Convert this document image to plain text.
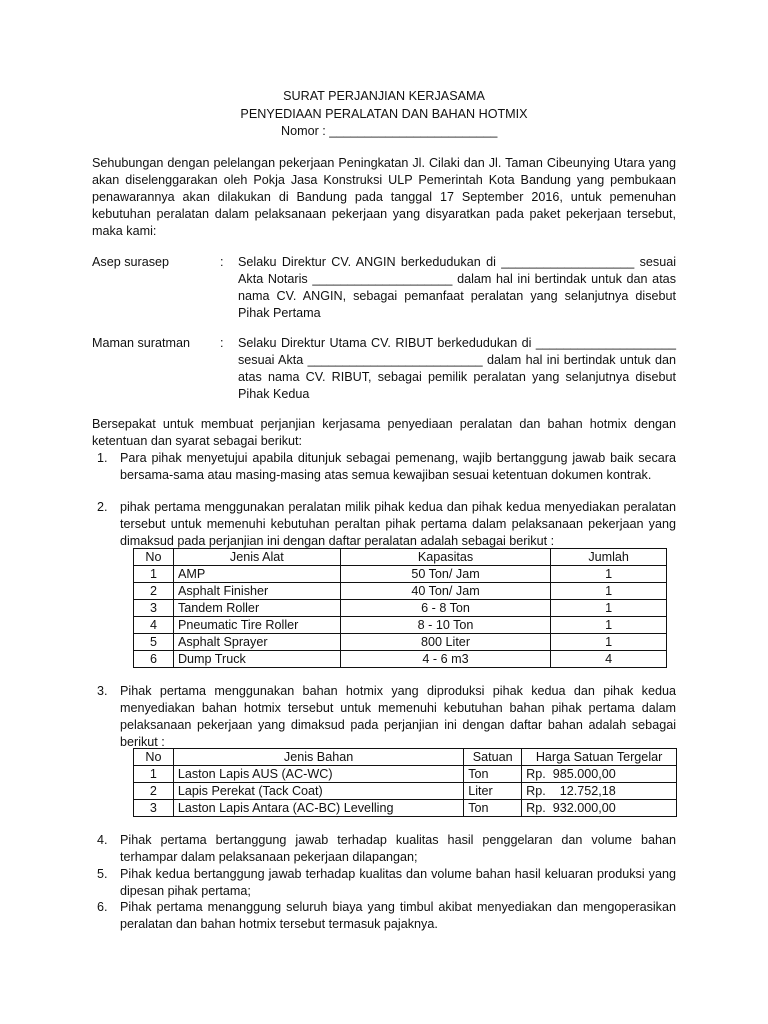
SURAT PERJANJIAN KERJASAMA
PENYEDIAAN PERALATAN DAN BAHAN HOTMIX
Nomor : ________________________

Sehubungan dengan pelelangan pekerjaan Peningkatan Jl. Cilaki dan Jl. Taman Cibeunying Utara yang akan diselenggarakan oleh Pokja Jasa Konstruksi ULP Pemerintah Kota Bandung yang pembukaan penawarannya akan dilakukan di Bandung pada tanggal 17 September 2016, untuk pemenuhan kebutuhan peralatan dalam pelaksanaan pekerjaan yang disyaratkan pada paket pekerjaan tersebut, maka kami:

Asep surasep	: Selaku Direktur CV. ANGIN berkedudukan di ___________________ sesuai Akta Notaris ____________________ dalam hal ini bertindak untuk dan atas nama CV. ANGIN, sebagai pemanfaat peralatan yang selanjutnya disebut Pihak Pertama

Maman suratman : Selaku Direktur Utama CV. RIBUT berkedudukan di ____________________ sesuai Akta _________________________ dalam hal ini bertindak untuk dan atas nama CV. RIBUT, sebagai pemilik peralatan yang selanjutnya disebut Pihak Kedua

Bersepakat untuk membuat perjanjian kerjasama penyediaan peralatan dan bahan hotmix dengan ketentuan dan syarat sebagai berikut:

1. Para pihak menyetujui apabila ditunjuk sebagai pemenang, wajib bertanggung jawab baik secara bersama-sama atau masing-masing atas semua kewajiban sesuai ketentuan dokumen kontrak.

2. pihak pertama menggunakan peralatan milik pihak kedua dan pihak kedua menyediakan peralatan tersebut untuk memenuhi kebutuhan peraltan pihak pertama dalam pelaksanaan pekerjaan yang dimaksud pada perjanjian ini dengan daftar peralatan adalah sebagai berikut :

No	Jenis Alat	Kapasitas	Jumlah
1	AMP	50 Ton/ Jam	1
2	Asphalt Finisher	40 Ton/ Jam	1
3	Tandem Roller	6 - 8 Ton	1
4	Pneumatic Tire Roller	8 - 10 Ton	1
5	Asphalt Sprayer	800 Liter	1
6	Dump Truck	4 - 6 m3	4
3. Pihak pertama menggunakan bahan hotmix yang diproduksi pihak kedua dan pihak kedua menyediakan bahan hotmix tersebut untuk memenuhi kebutuhan bahan pihak pertama dalam pelaksanaan pekerjaan yang dimaksud pada perjanjian ini dengan daftar bahan adalah sebagai berikut :

No	Jenis Bahan	Satuan	Harga Satuan Tergelar
1	Laston Lapis AUS (AC-WC)	Ton	Rp.  985.000,00
2	Lapis Perekat (Tack Coat)	Liter	Rp.    12.752,18
3	Laston Lapis Antara (AC-BC) Levelling	Ton	Rp.  932.000,00
4. Pihak pertama bertanggung jawab terhadap kualitas hasil penggelaran dan volume bahan terhampar dalam pelaksanaan pekerjaan dilapangan;

5. Pihak kedua bertanggung jawab terhadap kualitas dan volume bahan hasil keluaran produksi yang dipesan pihak pertama;

6. Pihak pertama menanggung seluruh biaya yang timbul akibat menyediakan dan mengoperasikan peralatan dan bahan hotmix tersebut termasuk pajaknya.
